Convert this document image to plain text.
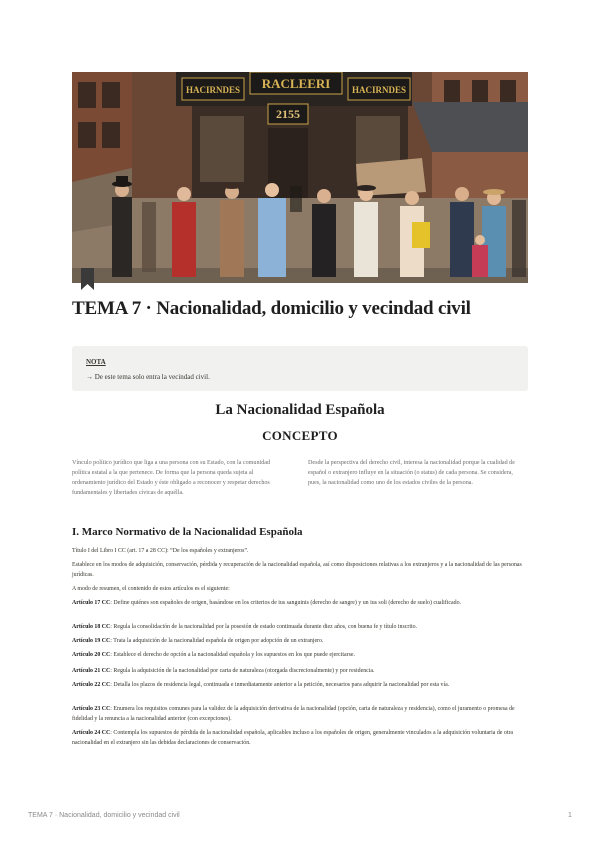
HACIRNDES RACLEERI HACIRNDES
2155
TEMA 7 · Nacionalidad, domicilio y vecindad civil
NOTA
→ De este tema solo entra la vecindad civil.
La Nacionalidad Española
CONCEPTO
Vínculo político jurídico que liga a una persona con su Estado, con la comunidad política estatal a la que pertenece. De forma que la persona queda sujeta al ordenamiento jurídico del Estado y éste obligado a reconocer y respetar derechos fundamentales y libertades cívicas de aquélla.
Desde la perspectiva del derecho civil, interesa la nacionalidad porque la cualidad de español o extranjero influye en la situación (o status) de cada persona. Se considera, pues, la nacionalidad como uno de los estados civiles de la persona.
I. Marco Normativo de la Nacionalidad Española

Título I del Libro I CC (art. 17 a 28 CC): “De los españoles y extranjeros”.

Establece en los modos de adquisición, conservación, pérdida y recuperación de la nacionalidad española, así como disposiciones relativas a los extranjeros y a la nacionalidad de las personas jurídicas.

A modo de resumen, el contenido de estos artículos es el siguiente:

Artículo 17 CC: Define quiénes son españoles de origen, basándose en los criterios de ius sanguinis (derecho de sangre) y un ius soli (derecho de suelo) cualificado.

Artículo 18 CC: Regula la consolidación de la nacionalidad por la posesión de estado continuada durante diez años, con buena fe y título inscrito.

Artículo 19 CC: Trata la adquisición de la nacionalidad española de origen por adopción de un extranjero.

Artículo 20 CC: Establece el derecho de opción a la nacionalidad española y los supuestos en los que puede ejercitarse.

Artículo 21 CC: Regula la adquisición de la nacionalidad por carta de naturaleza (otorgada discrecionalmente) y por residencia.

Artículo 22 CC: Detalla los plazos de residencia legal, continuada e inmediatamente anterior a la petición, necesarios para adquirir la nacionalidad por esta vía.

Artículo 23 CC: Enumera los requisitos comunes para la validez de la adquisición derivativa de la nacionalidad (opción, carta de naturaleza y residencia), como el juramento o promesa de fidelidad y la renuncia a la nacionalidad anterior (con excepciones).

Artículo 24 CC: Contempla los supuestos de pérdida de la nacionalidad española, aplicables incluso a los españoles de origen, generalmente vinculados a la adquisición voluntaria de otra nacionalidad en el extranjero sin las debidas declaraciones de conservación.

TEMA 7 · Nacionalidad, domicilio y vecindad civil	1
